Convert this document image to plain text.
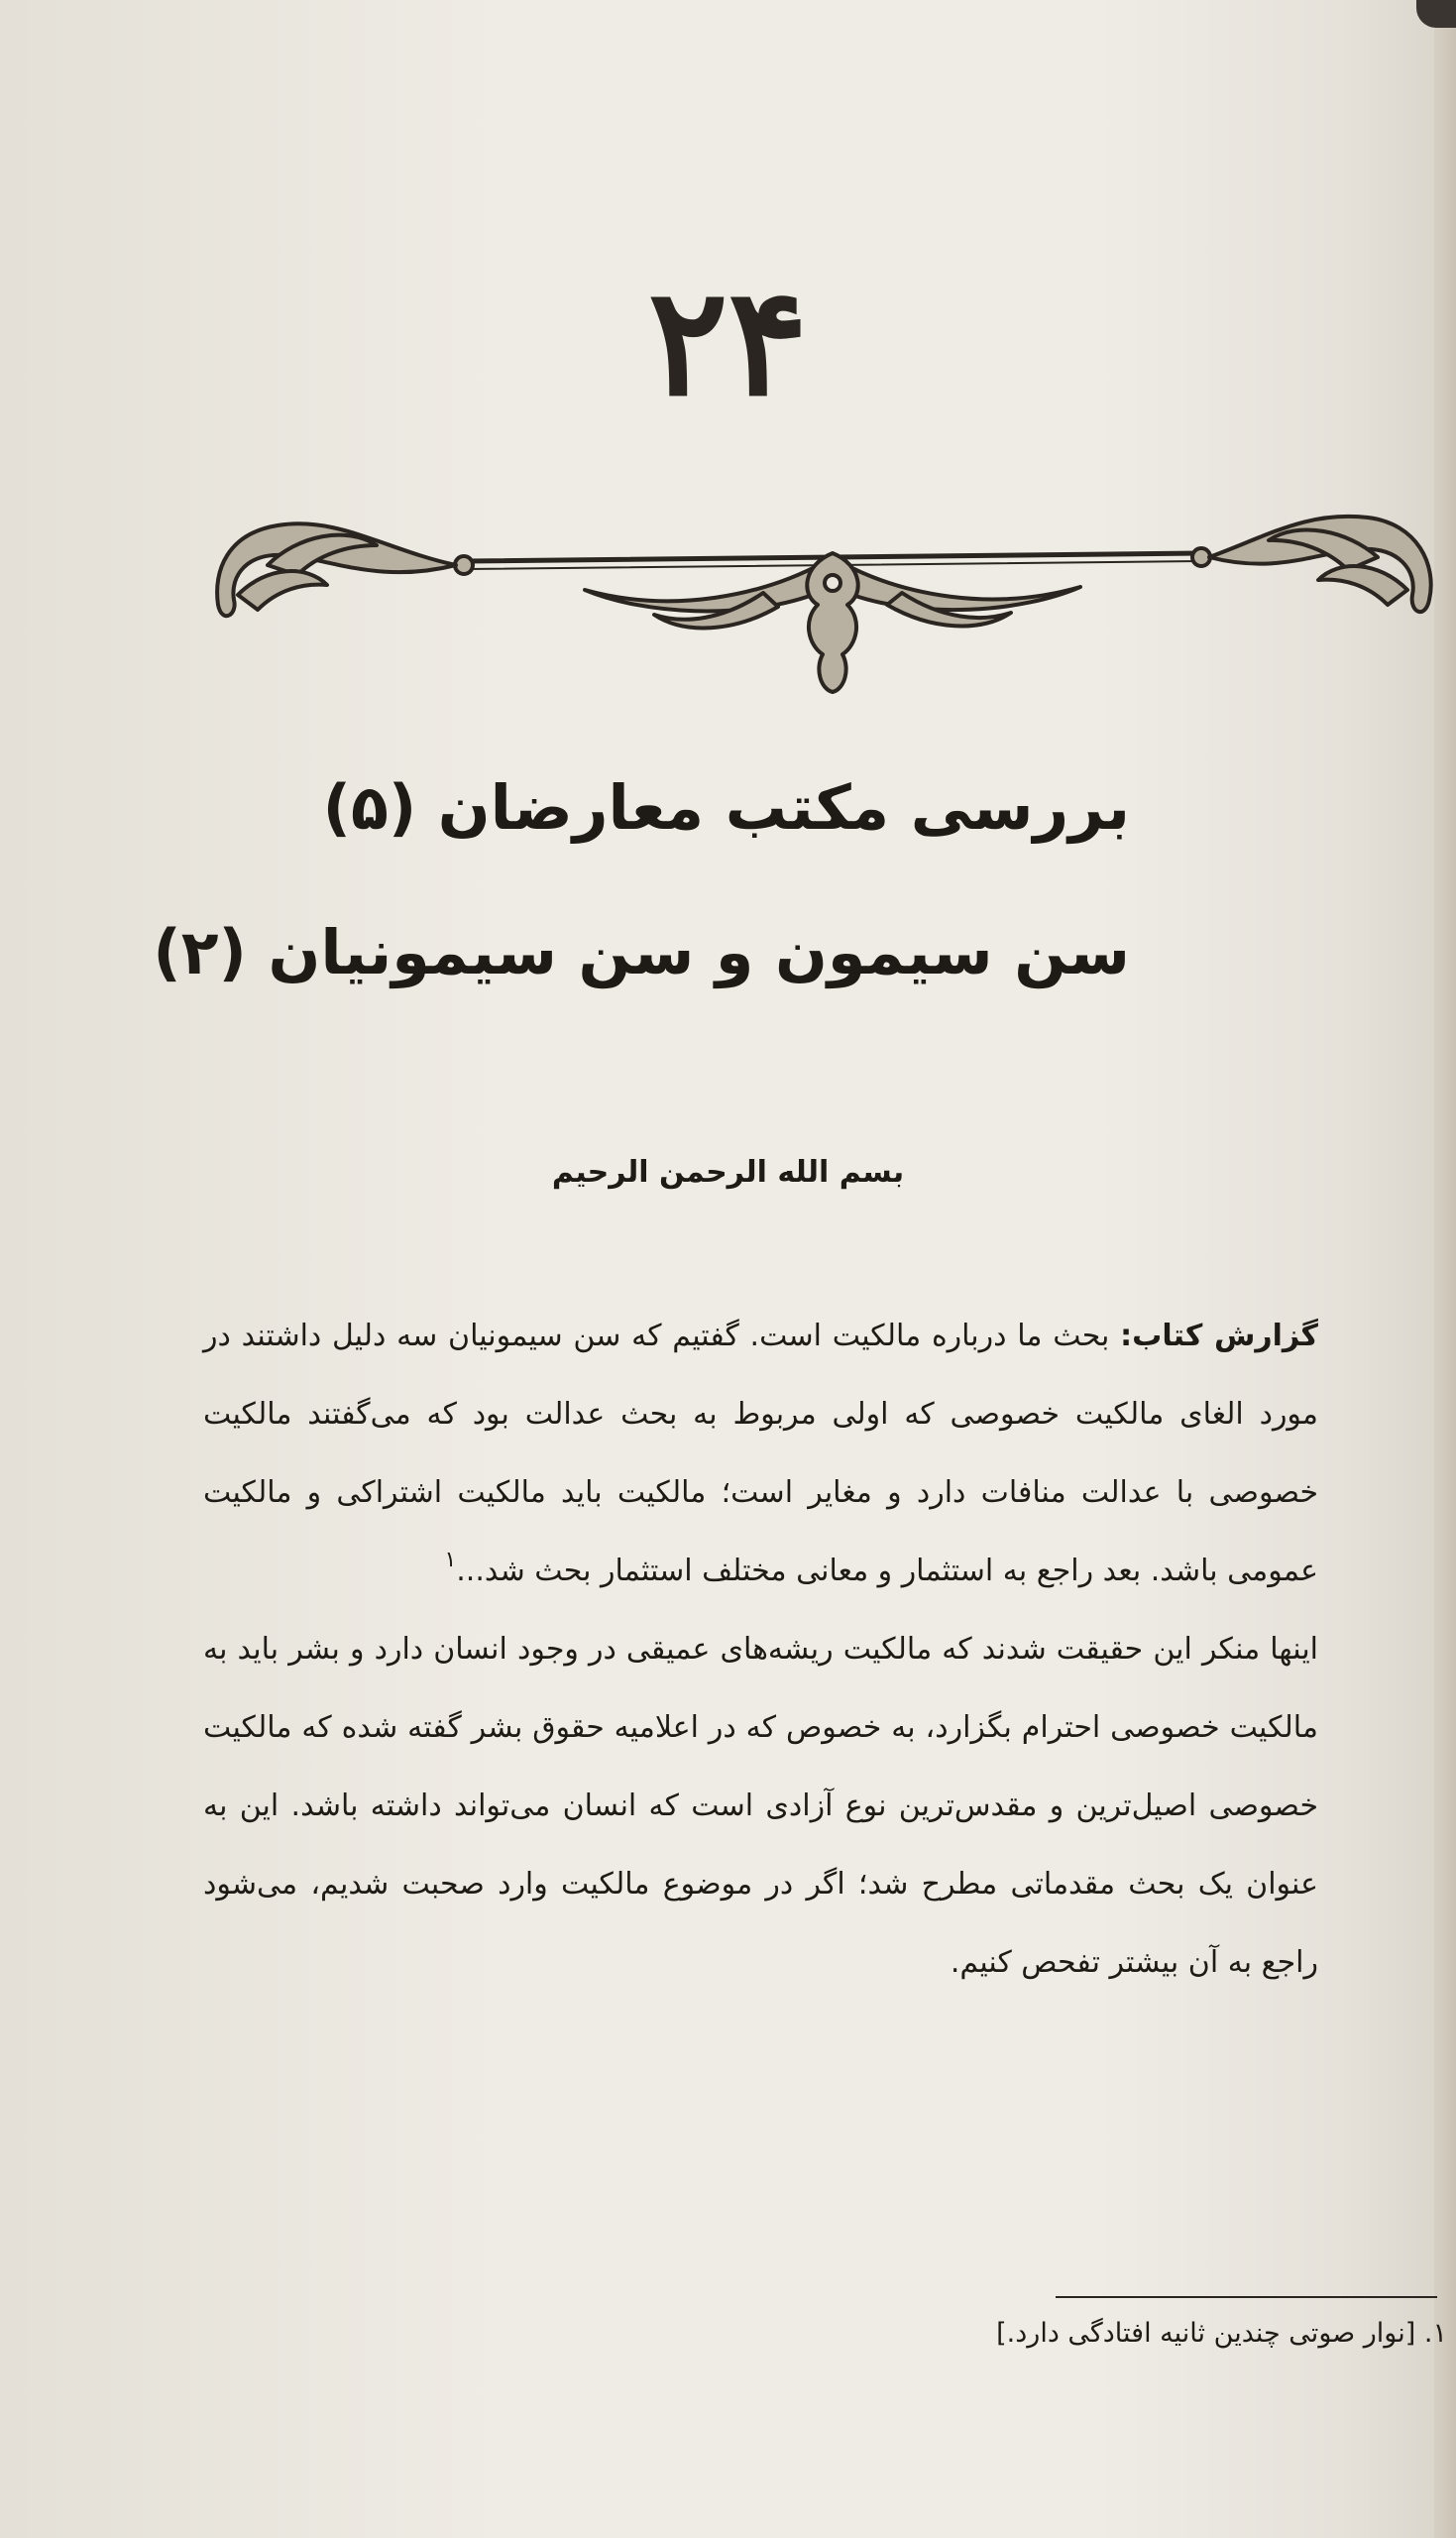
۲۴
بررسی مکتب معارضان (۵)
سن سیمون و سن سیمونیان (۲)
بسم الله الرحمن الرحیم

گزارش کتاب: بحث ما درباره مالکیت است. گفتیم که سن سیمونیان سه دلیل داشتند در مورد الغای مالکیت خصوصی که اولی مربوط به بحث عدالت بود که می‌گفتند مالکیت خصوصی با عدالت منافات دارد و مغایر است؛ مالکیت باید مالکیت اشتراکی و مالکیت عمومی باشد. بعد راجع به استثمار و معانی مختلف استثمار بحث شد...$^۱$

اینها منکر این حقیقت شدند که مالکیت ریشه‌های عمیقی در وجود انسان دارد و بشر باید به مالکیت خصوصی احترام بگزارد، به خصوص که در اعلامیه حقوق بشر گفته شده که مالکیت خصوصی اصیل‌ترین و مقدس‌ترین نوع آزادی است که انسان می‌تواند داشته باشد. این به عنوان یک بحث مقدماتی مطرح شد؛ اگر در موضوع مالکیت وارد صحبت شدیم، می‌شود راجع به آن بیشتر تفحص کنیم.

۱. [نوار صوتی چندین ثانیه افتادگی دارد.]
